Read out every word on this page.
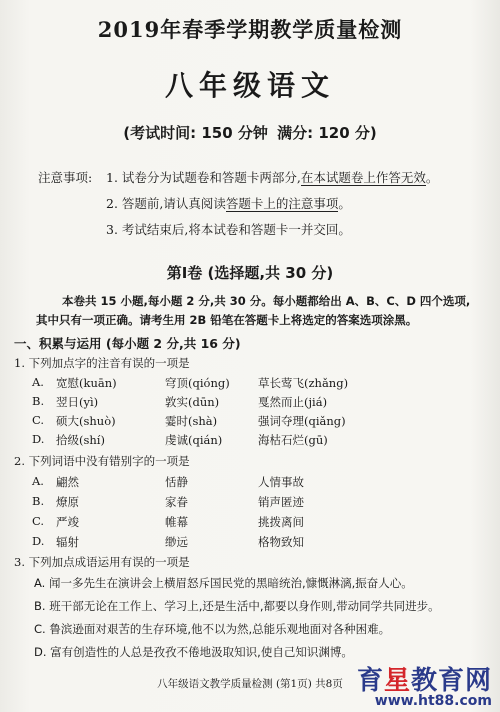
2019年春季学期教学质量检测
八年级语文
(考试时间: 150 分钟 满分: 120 分)
注意事项: 1. 试卷分为试题卷和答题卡两部分,在本试题卷上作答无效。
2. 答题前,请认真阅读答题卡上的注意事项。
3. 考试结束后,将本试卷和答题卡一并交回。
第Ⅰ卷 (选择题,共 30 分)
本卷共 15 小题,每小题 2 分,共 30 分。每小题都给出 A、B、C、D 四个选项,其中只有一项正确。请考生用 2B 铅笔在答题卡上将选定的答案选项涂黑。
一、积累与运用 (每小题 2 分,共 16 分)
1. 下列加点字的注音有误的一项是
A. 宽慰(kuān)	穹顶(qióng) 草长莺飞(zhǎng)
B. 翌日(yì)	敦实(dūn)	戛然而止(jiá)
C. 硕大(shuò)	霎时(shà)	强词夺理(qiǎng)
D. 拾级(shí)	虔诚(qián)	海枯石烂(gū)
2. 下列词语中没有错别字的一项是
A. 翩然	恬静	人情事故
B. 燎原	家眷	销声匿迹
C. 严竣	帷幕	挑拨离间
D. 辐射	缈远	格物致知
3. 下列加点成语运用有误的一项是
A. 闻一多先生在演讲会上横眉怒斥国民党的黑暗统治,慷慨淋漓,振奋人心。
B. 班干部无论在工作上、学习上,还是生活中,都要以身作则,带动同学共同进步。
C. 鲁滨逊面对艰苦的生存环境,他不以为然,总能乐观地面对各种困难。
D. 富有创造性的人总是孜孜不倦地汲取知识,使自己知识渊博。
八年级语文教学质量检测 (第1页) 共8页 育星教育网
www.ht88.com
